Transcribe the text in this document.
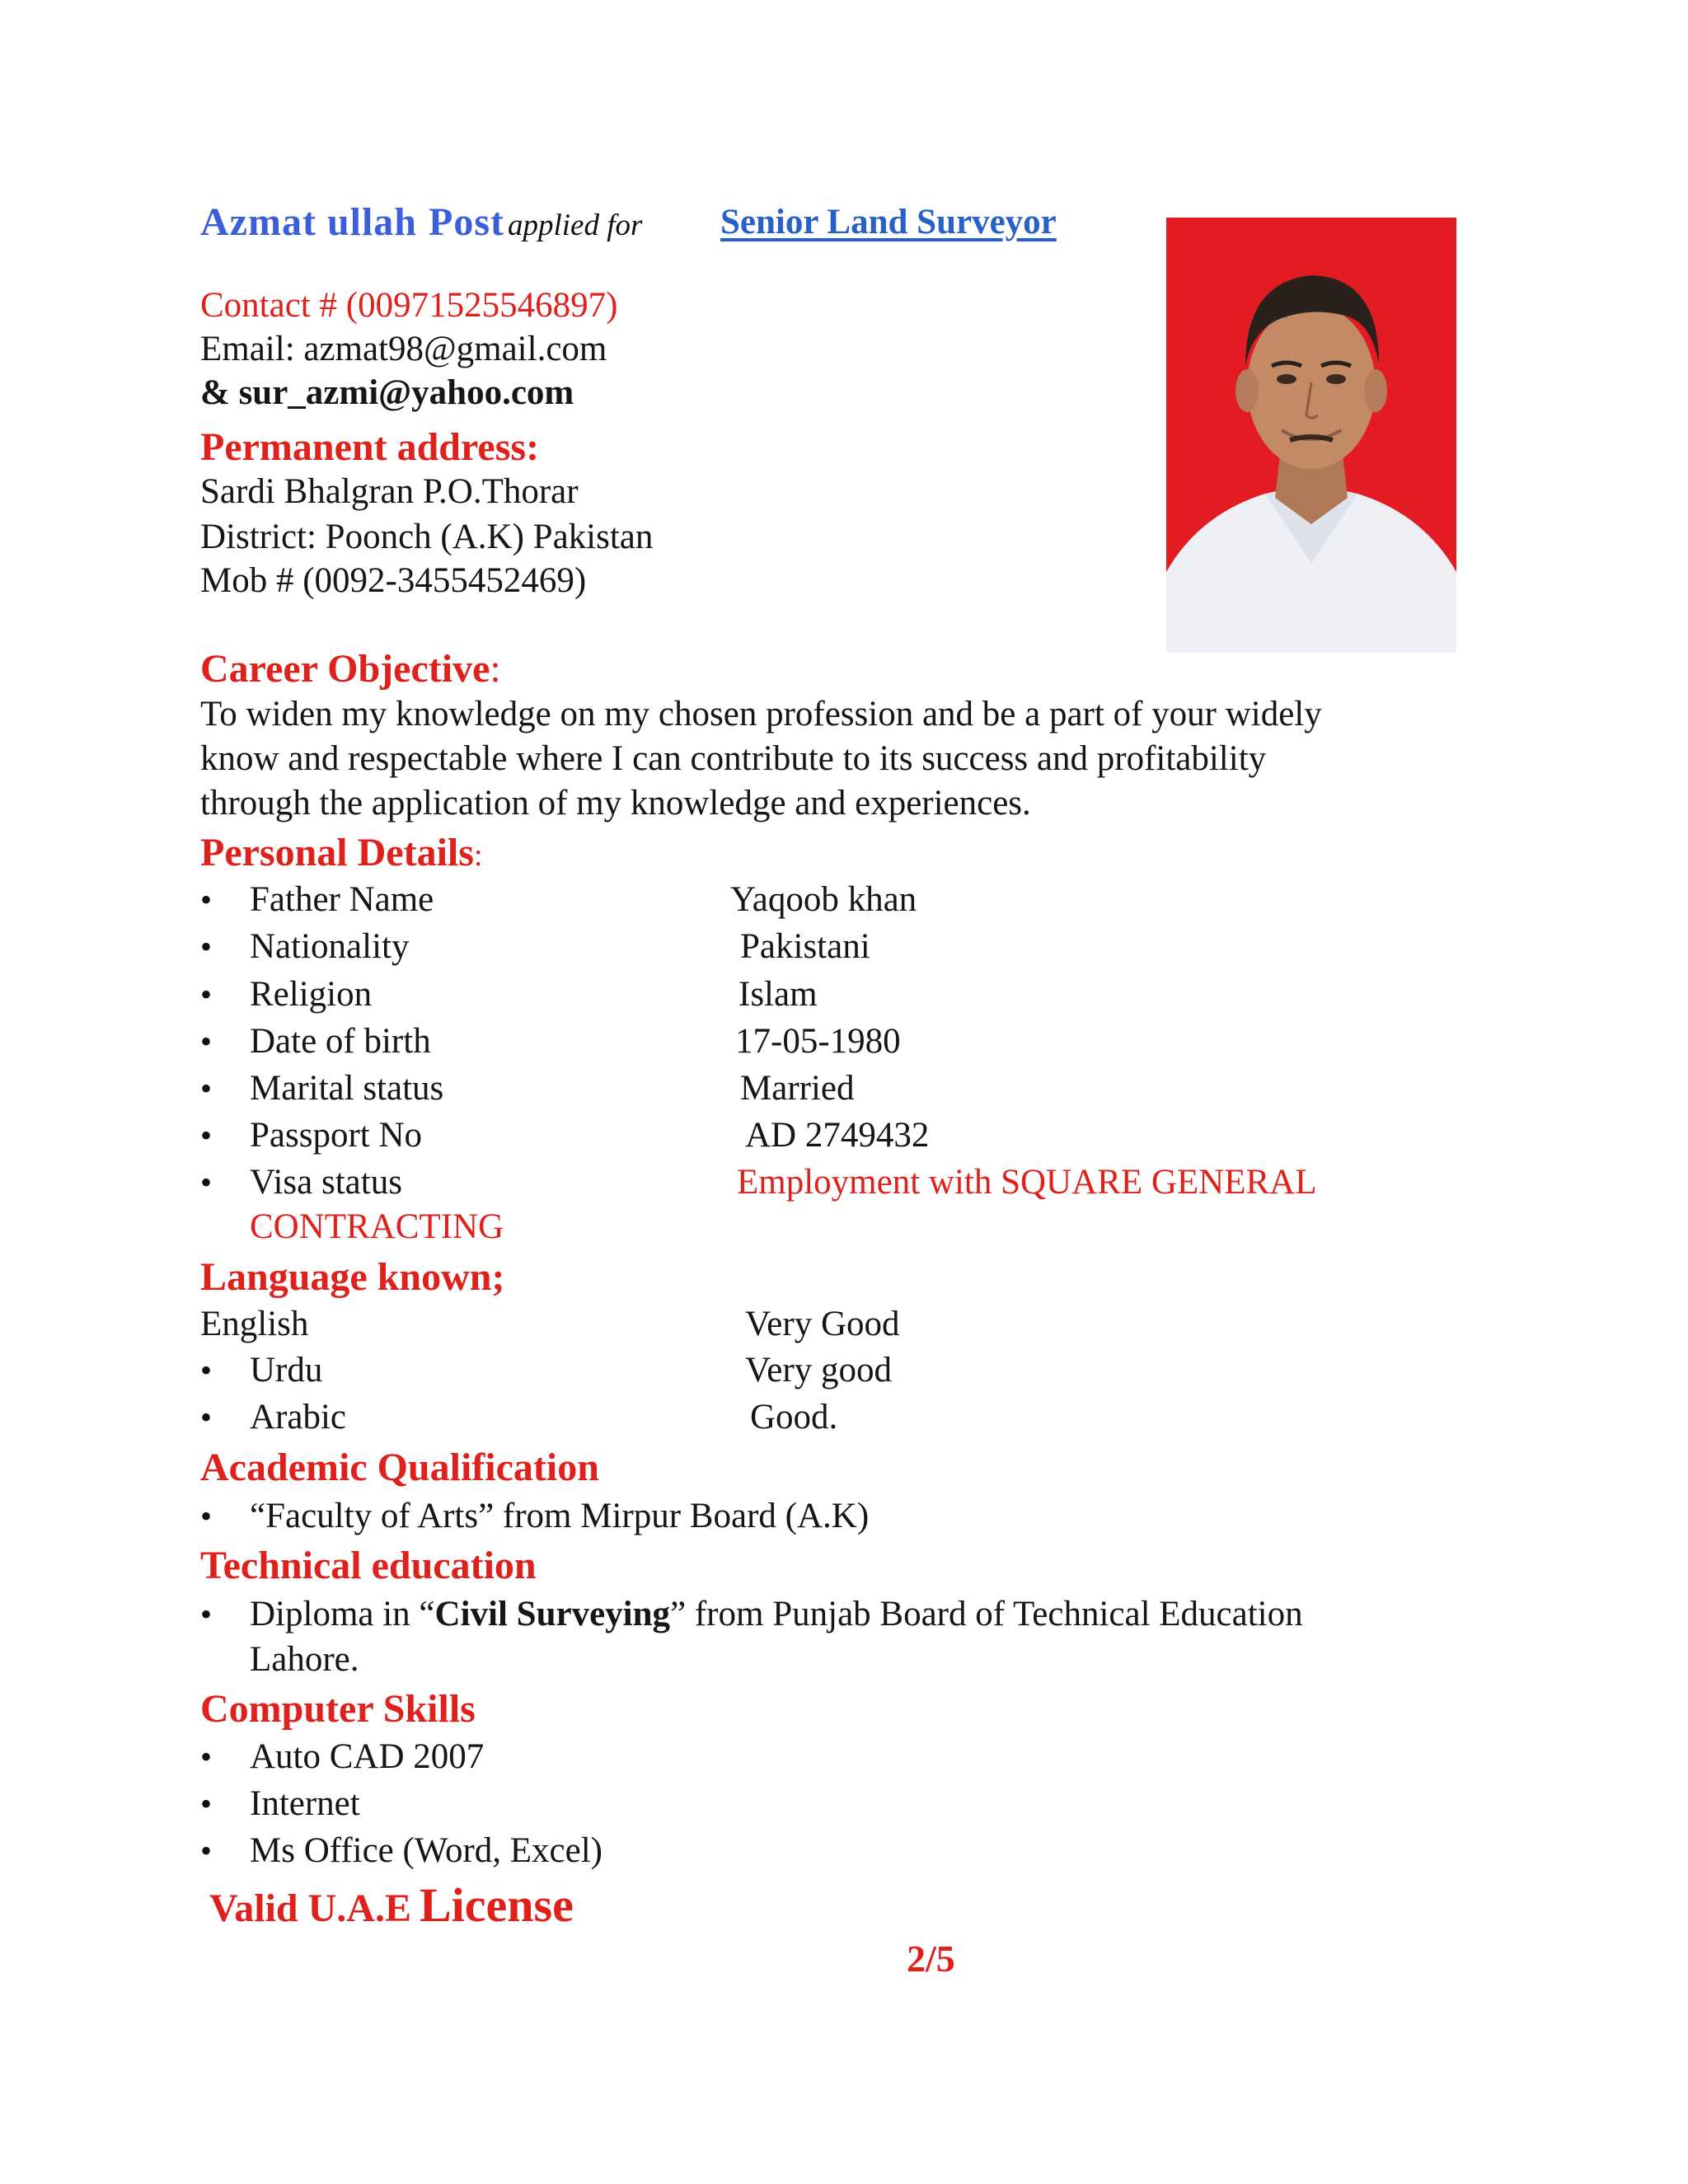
Azmat ullah Post applied for Senior Land Surveyor
Contact # (00971525546897)
Email: azmat98@gmail.com
& sur_azmi@yahoo.com
Permanent address:
Sardi Bhalgran P.O.Thorar
District: Poonch (A.K) Pakistan
Mob # (0092-3455452469)
Career Objective:
To widen my knowledge on my chosen profession and be a part of your widely
know and respectable where I can contribute to its success and profitability
through the application of my knowledge and experiences.
Personal Details:
• Father Name	Yaqoob khan
• Nationality	Pakistani
• Religion	Islam
• Date of birth	17-05-1980
• Marital status	Married
• Passport No	AD 2749432
• Visa status	Employment with SQUARE GENERAL
CONTRACTING
Language known;
English	Very Good
• Urdu	Very good
• Arabic	Good.
Academic Qualification
• “Faculty of Arts” from Mirpur Board (A.K)
Technical education
• Diploma in “Civil Surveying” from Punjab Board of Technical Education
Lahore.
Computer Skills
• Auto CAD 2007
• Internet
• Ms Office (Word, Excel)
Valid U.A.E License
2/5
